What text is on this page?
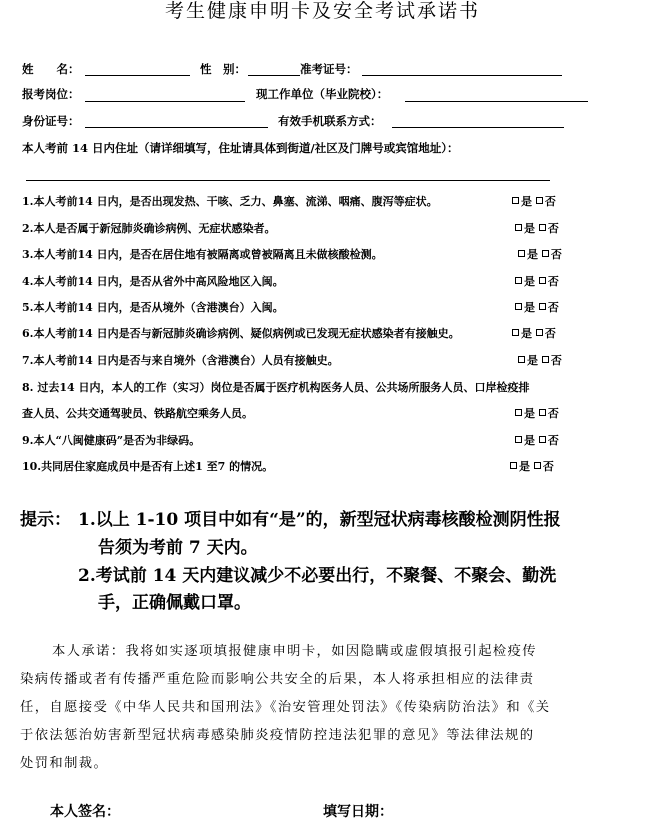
考生健康申明卡及安全考试承诺书
姓　　名：	性　别：	准考证号：
报考岗位：	现工作单位（毕业院校）：
身份证号：	有效手机联系方式：
本人考前 14 日内住址（请详细填写，住址请具体到街道/社区及门牌号或宾馆地址）：
1.本人考前14 日内，是否出现发热、干咳、乏力、鼻塞、流涕、咽痛、腹泻等症状。	是 否
2.本人是否属于新冠肺炎确诊病例、无症状感染者。	是 否
3.本人考前14 日内，是否在居住地有被隔离或曾被隔离且未做核酸检测。	是 否
4.本人考前14 日内，是否从省外中高风险地区入闽。	是 否
5.本人考前14 日内，是否从境外（含港澳台）入闽。	是 否
6.本人考前14 日内是否与新冠肺炎确诊病例、疑似病例或已发现无症状感染者有接触史。	是 否
7.本人考前14 日内是否与来自境外（含港澳台）人员有接触史。	是 否
8. 过去14 日内，本人的工作（实习）岗位是否属于医疗机构医务人员、公共场所服务人员、口岸检疫排
查人员、公共交通驾驶员、铁路航空乘务人员。	是 否
9.本人“八闽健康码”是否为非绿码。	是 否
10.共同居住家庭成员中是否有上述1 至7 的情况。	是 否
提示： 1.以上 1-10 项目中如有“是”的，新型冠状病毒核酸检测阴性报
告须为考前 7 天内。
2.考试前 14 天内建议减少不必要出行，不聚餐、不聚会、勤洗
手，正确佩戴口罩。
本人承诺：我将如实逐项填报健康申明卡，如因隐瞒或虚假填报引起检疫传
染病传播或者有传播严重危险而影响公共安全的后果，本人将承担相应的法律责
任，自愿接受《中华人民共和国刑法》《治安管理处罚法》《传染病防治法》和《关
于依法惩治妨害新型冠状病毒感染肺炎疫情防控违法犯罪的意见》等法律法规的
处罚和制裁。
本人签名：	填写日期：
